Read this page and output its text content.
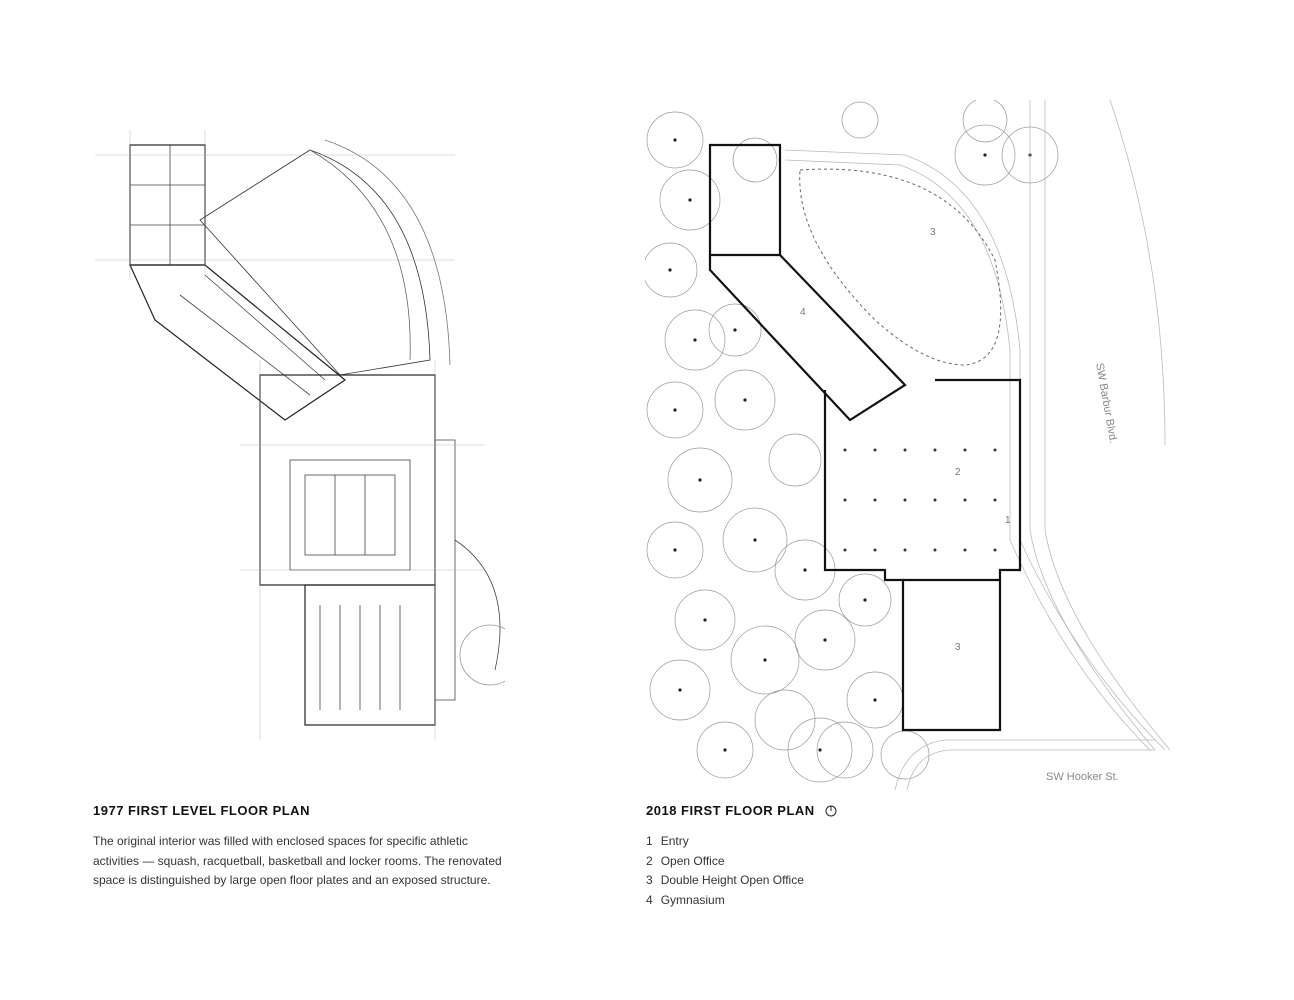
3
4
2
1
3
SW Hooker St.
SW Barbur Blvd.
1977 FIRST LEVEL FLOOR PLAN

The original interior was filled with enclosed spaces for specific athletic activities — squash, racquetball, basketball and locker rooms. The renovated space is distinguished by large open floor plates and an exposed structure.

2018 FIRST FLOOR PLAN
1 Entry
2 Open Office
3 Double Height Open Office
4 Gymnasium
